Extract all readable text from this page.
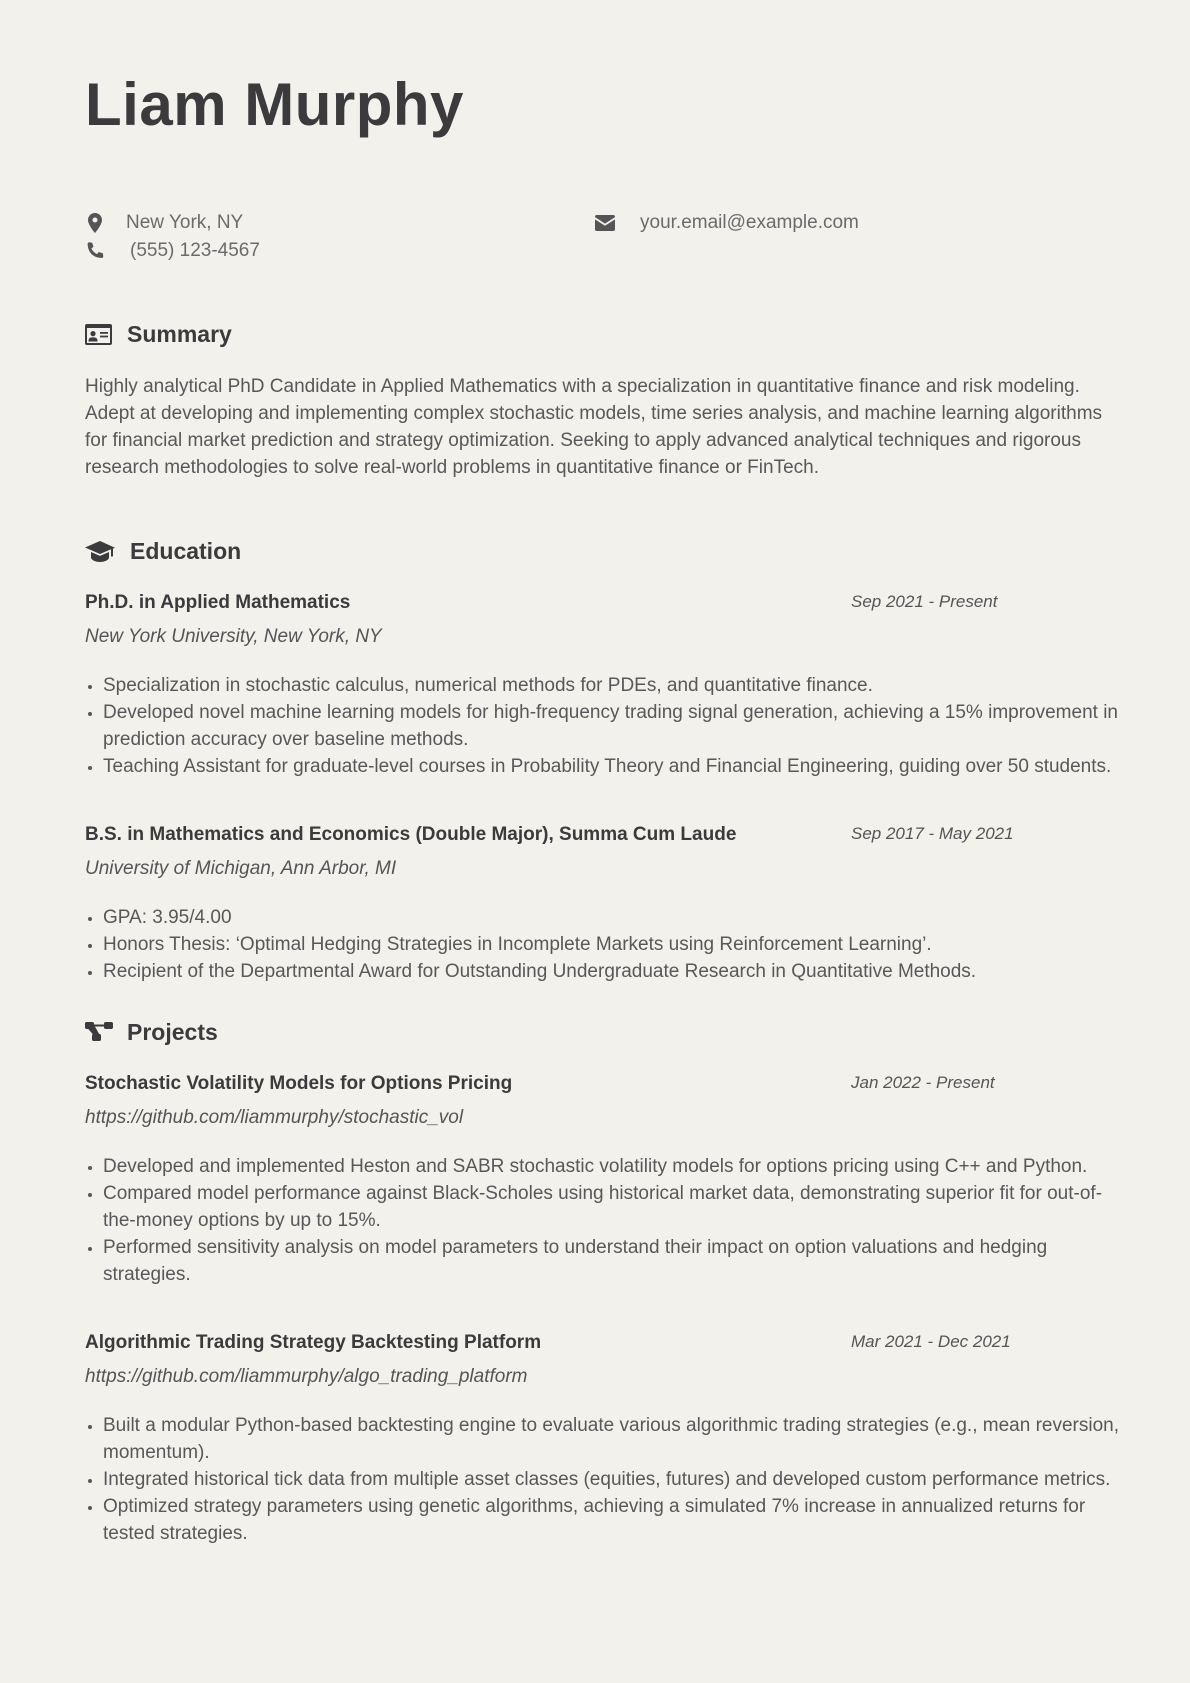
Liam Murphy
New York, NY
(555) 123-4567
your.email@example.com
Summary

Highly analytical PhD Candidate in Applied Mathematics with a specialization in quantitative finance and risk modeling. Adept at developing and implementing complex stochastic models, time series analysis, and machine learning algorithms for financial market prediction and strategy optimization. Seeking to apply advanced analytical techniques and rigorous research methodologies to solve real-world problems in quantitative finance or FinTech.

Education
Ph.D. in Applied Mathematics	Sep 2021 - Present
New York University, New York, NY
• Specialization in stochastic calculus, numerical methods for PDEs, and quantitative finance.
• Developed novel machine learning models for high-frequency trading signal generation, achieving a 15% improvement in prediction accuracy over baseline methods.
• Teaching Assistant for graduate-level courses in Probability Theory and Financial Engineering, guiding over 50 students.
B.S. in Mathematics and Economics (Double Major), Summa Cum Laude	Sep 2017 - May 2021
University of Michigan, Ann Arbor, MI
• GPA: 3.95/4.00
• Honors Thesis: ‘Optimal Hedging Strategies in Incomplete Markets using Reinforcement Learning’.
• Recipient of the Departmental Award for Outstanding Undergraduate Research in Quantitative Methods.
Projects
Stochastic Volatility Models for Options Pricing	Jan 2022 - Present
https://github.com/liammurphy/stochastic_vol
• Developed and implemented Heston and SABR stochastic volatility models for options pricing using C++ and Python.
• Compared model performance against Black-Scholes using historical market data, demonstrating superior fit for out-of-the-money options by up to 15%.
• Performed sensitivity analysis on model parameters to understand their impact on option valuations and hedging strategies.
Algorithmic Trading Strategy Backtesting Platform	Mar 2021 - Dec 2021
https://github.com/liammurphy/algo_trading_platform
• Built a modular Python-based backtesting engine to evaluate various algorithmic trading strategies (e.g., mean reversion, momentum).
• Integrated historical tick data from multiple asset classes (equities, futures) and developed custom performance metrics.
• Optimized strategy parameters using genetic algorithms, achieving a simulated 7% increase in annualized returns for tested strategies.
